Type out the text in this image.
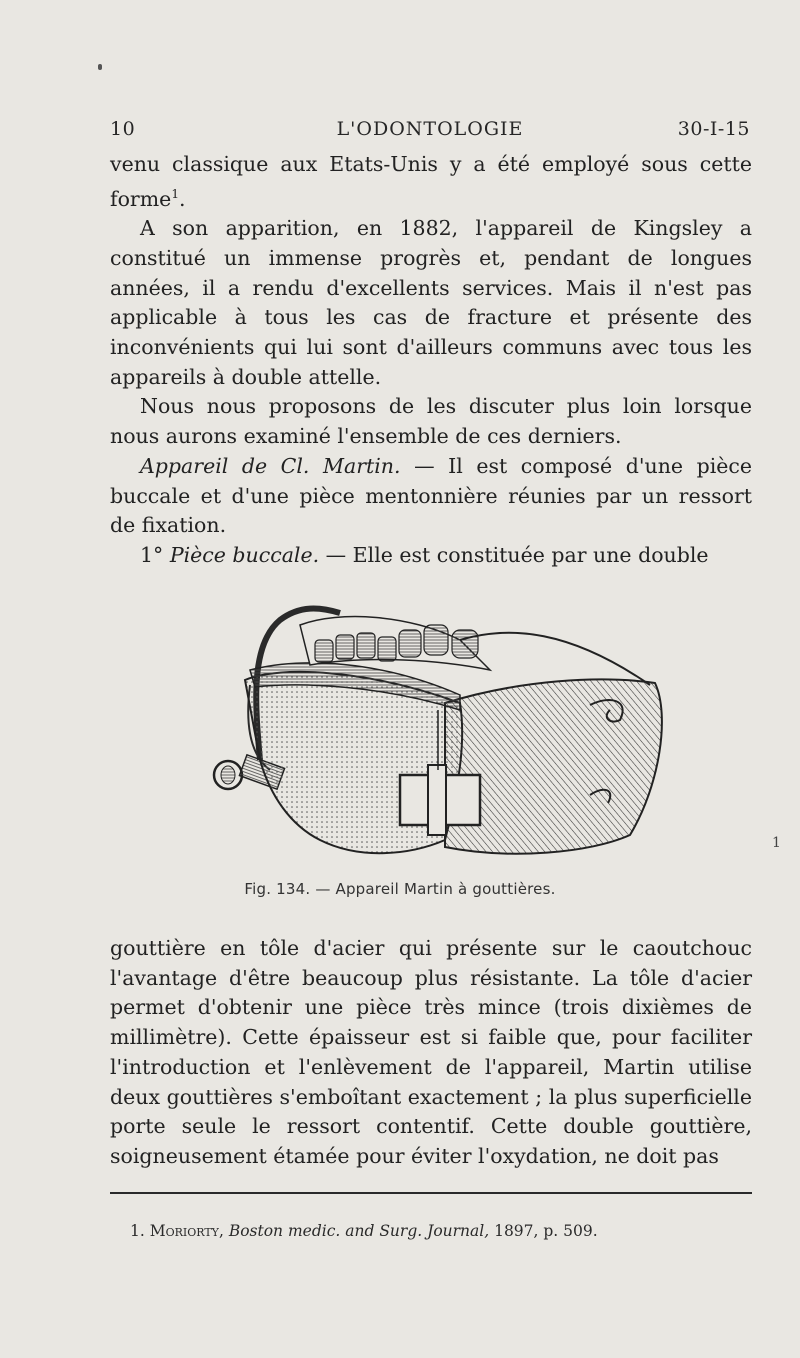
10	L'ODONTOLOGIE	30-I-15

venu classique aux Etats-Unis y a été employé sous cette forme$^1$.

A son apparition, en 1882, l'appareil de Kingsley a constitué un immense progrès et, pendant de longues années, il a rendu d'excellents services. Mais il n'est pas applicable à tous les cas de fracture et présente des inconvénients qui lui sont d'ailleurs communs avec tous les appareils à double attelle.

Nous nous proposons de les discuter plus loin lorsque nous aurons examiné l'ensemble de ces derniers.

Appareil de Cl. Martin. — Il est composé d'une pièce buccale et d'une pièce mentonnière réunies par un ressort de fixation.

1° Pièce buccale. — Elle est constituée par une double

Fig. 134. — Appareil Martin à gouttières.
1

gouttière en tôle d'acier qui présente sur le caoutchouc l'avantage d'être beaucoup plus résistante. La tôle d'acier permet d'obtenir une pièce très mince (trois dixièmes de millimètre). Cette épaisseur est si faible que, pour faciliter l'introduction et l'enlèvement de l'appareil, Martin utilise deux gouttières s'emboîtant exactement ; la plus superficielle porte seule le ressort contentif. Cette double gouttière, soigneusement étamée pour éviter l'oxydation, ne doit pas

1. Moriorty, Boston medic. and Surg. Journal, 1897, p. 509.
